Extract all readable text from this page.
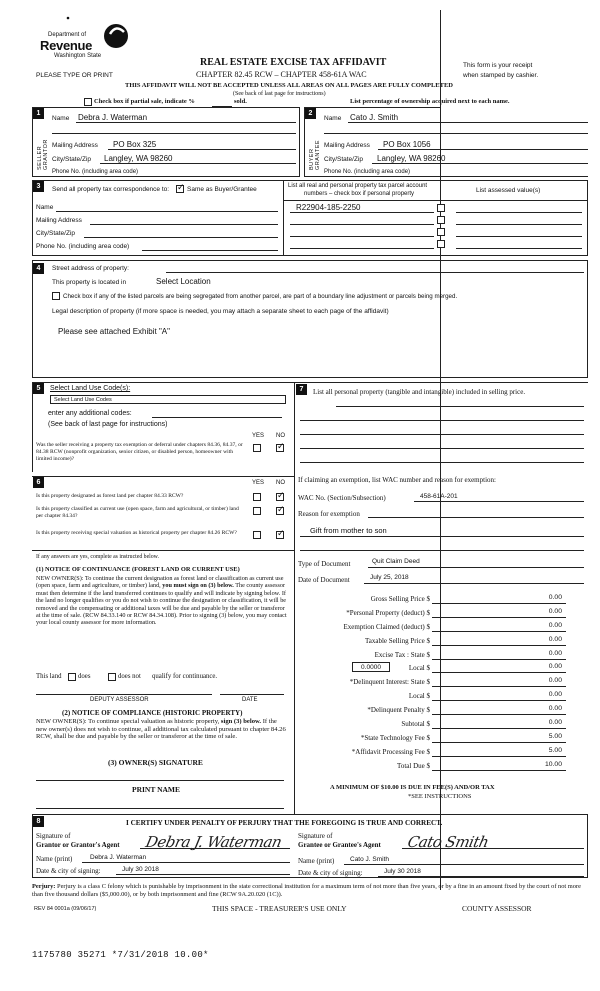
Department of
Revenue
Washington State
PLEASE TYPE OR PRINT
REAL ESTATE EXCISE TAX AFFIDAVIT
CHAPTER 82.45 RCW – CHAPTER 458-61A WAC
This form is your receipt
when stamped by cashier.
THIS AFFIDAVIT WILL NOT BE ACCEPTED UNLESS ALL AREAS ON ALL PAGES ARE FULLY COMPLETED
(See back of last page for instructions)
Check box if partial sale, indicate %	sold.	List percentage of ownership acquired next to each name.
1
SELLER GRANTOR
Name Debra J. Waterman
Mailing Address PO Box 325
City/State/Zip Langley, WA 98260
Phone No. (including area code)
2
BUYER GRANTEE
Name Cato J. Smith
Mailing Address PO Box 1056
City/State/Zip Langley, WA 98260
Phone No. (including area code)
3	Send all property tax correspondence to:
✓	Same as Buyer/Grantee
Name
Mailing Address
City/State/Zip
Phone No. (including area code)
List all real and personal property tax parcel account
numbers – check box if personal property	List assessed value(s)
R22904-185-2250
4	Street address of property:
This property is located in	Select Location
Check box if any of the listed parcels are being segregated from another parcel, are part of a boundary line adjustment or parcels being merged.
Legal description of property (if more space is needed, you may attach a separate sheet to each page of the affidavit)
Please see attached Exhibit "A"
5	Select Land Use Code(s):
Select Land Use Codes
enter any additional codes:
(See back of last page for instructions)
YES NO
Was the seller receiving a property tax exemption or deferral under chapters 84.36, 84.37, or 84.38 RCW (nonprofit organization, senior citizen, or disabled person, homeowner with limited income)?
✓
6	YES NO
Is this property designated as forest land per chapter 84.33 RCW?
✓
Is this property classified as current use (open space, farm and agricultural, or timber) land per chapter 84.34?
✓
Is this property receiving special valuation as historical property per chapter 84.26 RCW?
✓
If any answers are yes, complete as instructed below.
(1) NOTICE OF CONTINUANCE (FOREST LAND OR CURRENT USE)
NEW OWNER(S): To continue the current designation as forest land or classification as current use (open space, farm and agriculture, or timber) land, you must sign on (3) below. The county assessor must then determine if the land transferred continues to qualify and will indicate by signing below. If the land no longer qualifies or you do not wish to continue the designation or classification, it will be removed and the compensating or additional taxes will be due and payable by the seller or transferor at the time of sale. (RCW 84.33.140 or RCW 84.34.108). Prior to signing (3) below, you may contact your local county assessor for more information.
This land does	does not qualify for continuance.
DEPUTY ASSESSOR	DATE
(2) NOTICE OF COMPLIANCE (HISTORIC PROPERTY)
NEW OWNER(S): To continue special valuation as historic property, sign (3) below. If the new owner(s) does not wish to continue, all additional tax calculated pursuant to chapter 84.26 RCW, shall be due and payable by the seller or transferor at the time of sale.
(3) OWNER(S) SIGNATURE
PRINT NAME
7	List all personal property (tangible and intangible) included in selling price.
If claiming an exemption, list WAC number and reason for exemption:
WAC No. (Section/Subsection)	458-61A-201
Reason for exemption
Gift from mother to son
Type of Document	Quit Claim Deed
Date of Document	July 25, 2018
Gross Selling Price $	0.00
*Personal Property (deduct) $	0.00
Exemption Claimed (deduct) $	0.00
Taxable Selling Price $	0.00
Excise Tax : State $	0.00
0.0000	Local $	0.00
*Delinquent Interest: State $	0.00
Local $	0.00
*Delinquent Penalty $	0.00
Subtotal $	0.00
*State Technology Fee $	5.00
*Affidavit Processing Fee $	5.00
Total Due $	10.00
A MINIMUM OF $10.00 IS DUE IN FEE(S) AND/OR TAX
*SEE INSTRUCTIONS
8	I CERTIFY UNDER PENALTY OF PERJURY THAT THE FOREGOING IS TRUE AND CORRECT.
Signature of
Grantor or Grantor's Agent Debra J. Waterman
Name (print)	Debra J. Waterman
Date & city of signing:	July 30 2018
Signature of
Grantee or Grantee's Agent Cato Smith
Name (print) Cato J. Smith
Date & city of signing:	July 30 2018
Perjury: Perjury is a class C felony which is punishable by imprisonment in the state correctional institution for a maximum term of not more than five years, or by a fine in an amount fixed by the court of not more than five thousand dollars ($5,000.00), or by both imprisonment and fine (RCW 9A.20.020 (1C)).
REV 84 0001a (09/06/17)	THIS SPACE - TREASURER'S USE ONLY	COUNTY ASSESSOR
1175780 35271 *7/31/2018 10.00*
